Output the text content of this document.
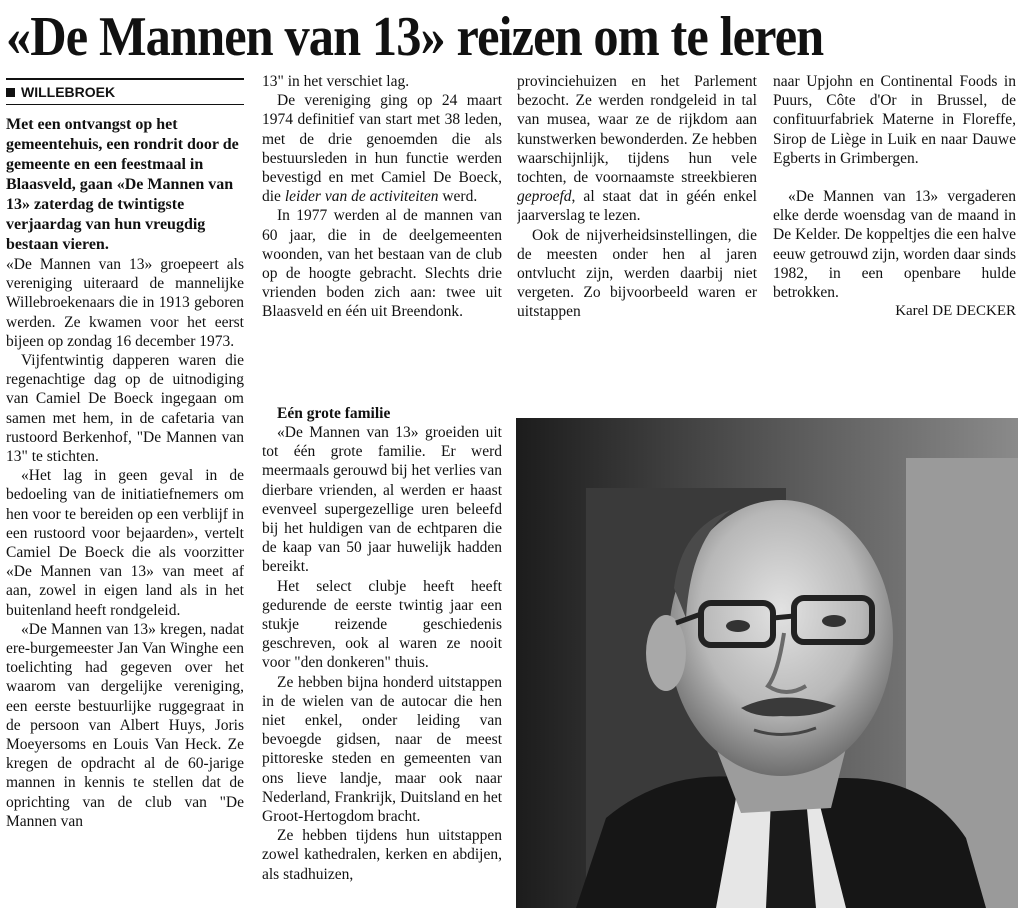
«De Mannen van 13» reizen om te leren
WILLEBROEK

Met een ontvangst op het gemeentehuis, een rondrit door de gemeente en een feestmaal in Blaasveld, gaan «De Mannen van 13» zaterdag de twintigste verjaardag van hun vreugdig bestaan vieren.

«De Mannen van 13» groepeert als vereniging uiteraard de mannelijke Willebroekenaars die in 1913 geboren werden. Ze kwamen voor het eerst bijeen op zondag 16 december 1973.

Vijfentwintig dapperen waren die regenachtige dag op de uitnodiging van Camiel De Boeck ingegaan om samen met hem, in de cafetaria van rustoord Berkenhof, "De Mannen van 13" te stichten.

«Het lag in geen geval in de bedoeling van de initiatiefnemers om hen voor te bereiden op een verblijf in een rustoord voor bejaarden», vertelt Camiel De Boeck die als voorzitter «De Mannen van 13» van meet af aan, zowel in eigen land als in het buitenland heeft rondgeleid.

«De Mannen van 13» kregen, nadat ere-burgemeester Jan Van Winghe een toelichting had gegeven over het waarom van dergelijke vereniging, een eerste bestuurlijke ruggegraat in de persoon van Albert Huys, Joris Moeyersoms en Louis Van Heck. Ze kregen de opdracht al de 60-jarige mannen in kennis te stellen dat de oprichting van de club van "De Mannen van

13" in het verschiet lag.

De vereniging ging op 24 maart 1974 definitief van start met 38 leden, met de drie genoemden die als bestuursleden in hun functie werden bevestigd en met Camiel De Boeck, die leider van de activiteiten werd.

In 1977 werden al de mannen van 60 jaar, die in de deelgemeenten woonden, van het bestaan van de club op de hoogte gebracht. Slechts drie vrienden boden zich aan: twee uit Blaasveld en één uit Breendonk.

Eén grote familie

«De Mannen van 13» groeiden uit tot één grote familie. Er werd meermaals gerouwd bij het verlies van dierbare vrienden, al werden er haast evenveel supergezellige uren beleefd bij het huldigen van de echtparen die de kaap van 50 jaar huwelijk hadden bereikt.

Het select clubje heeft heeft gedurende de eerste twintig jaar een stukje reizende geschiedenis geschreven, ook al waren ze nooit voor "den donkeren" thuis.

Ze hebben bijna honderd uitstappen in de wielen van de autocar die hen niet enkel, onder leiding van bevoegde gidsen, naar de meest pittoreske steden en gemeenten van ons lieve landje, maar ook naar Nederland, Frankrijk, Duitsland en het Groot-Hertogdom bracht.

Ze hebben tijdens hun uitstappen zowel kathedralen, kerken en abdijen, als stadhuizen,

provinciehuizen en het Parlement bezocht. Ze werden rondgeleid in tal van musea, waar ze de rijkdom aan kunstwerken bewonderden. Ze hebben waarschijnlijk, tijdens hun vele tochten, de voornaamste streekbieren geproefd, al staat dat in géén enkel jaarverslag te lezen.

Ook de nijverheidsinstellingen, die de meesten onder hen al jaren ontvlucht zijn, werden daarbij niet vergeten. Zo bijvoorbeeld waren er uitstappen

naar Upjohn en Continental Foods in Puurs, Côte d'Or in Brussel, de confituurfabriek Materne in Floreffe, Sirop de Liège in Luik en naar Dauwe Egberts in Grimbergen.

«De Mannen van 13» vergaderen elke derde woensdag van de maand in De Kelder. De koppeltjes die een halve eeuw getrouwd zijn, worden daar sinds 1982, in een openbare hulde betrokken.

Karel DE DECKER
